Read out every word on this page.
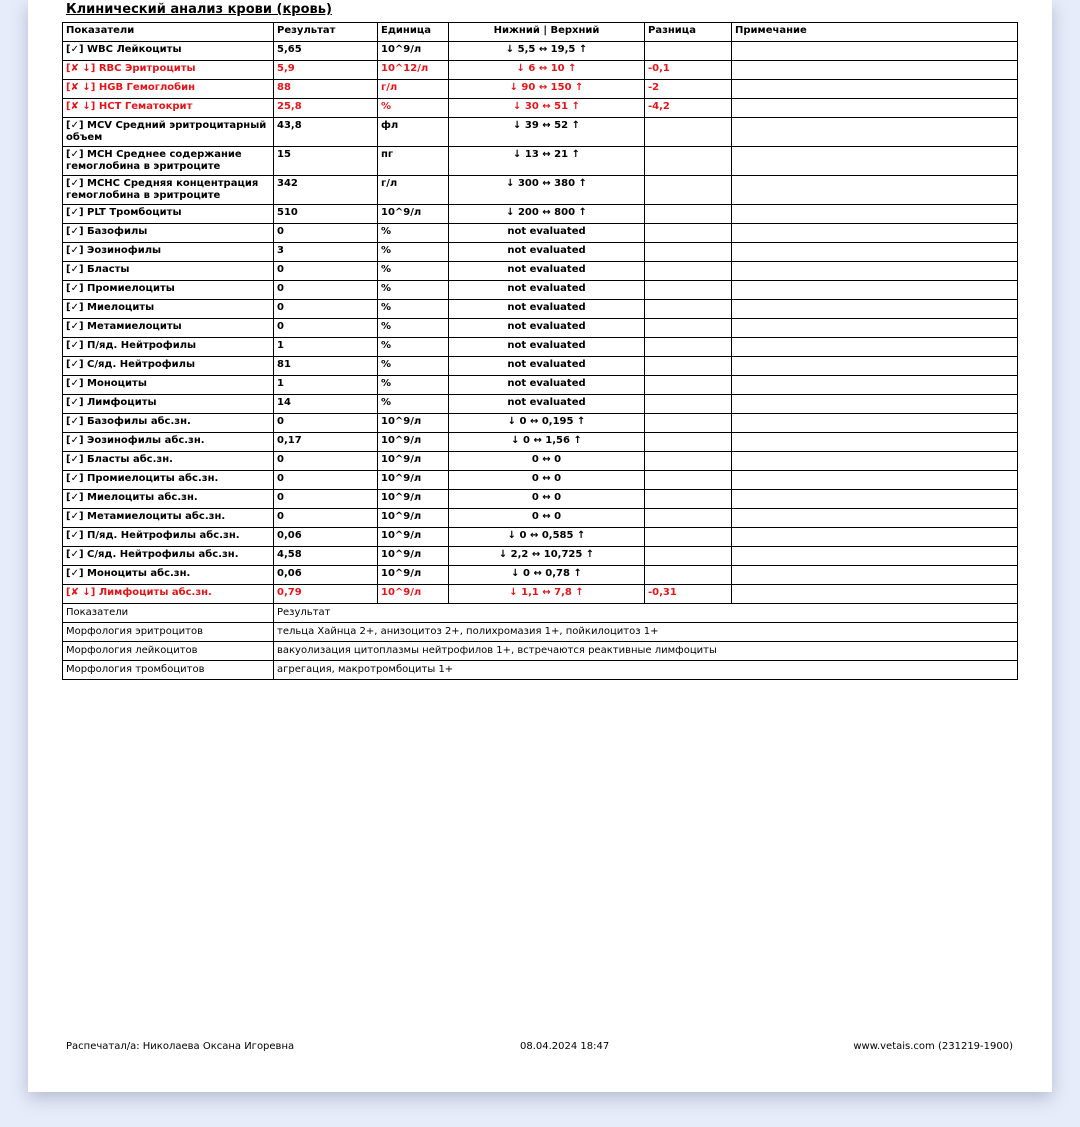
Клинический анализ крови (кровь)
Показатели	Результат	Единица	Нижний | Верхний	Разница	Примечание
[✓] WBC Лейкоциты	5,65	10^9/л	↓ 5,5 ↔ 19,5 ↑		
[✘ ↓] RBC Эритроциты	5,9	10^12/л	↓ 6 ↔ 10 ↑	-0,1	
[✘ ↓] HGB Гемоглобин	88	г/л	↓ 90 ↔ 150 ↑	-2	
[✘ ↓] HCT Гематокрит	25,8	%	↓ 30 ↔ 51 ↑	-4,2	
[✓] MCV Средний эритроцитарный объем	43,8	фл	↓ 39 ↔ 52 ↑		
[✓] MCH Среднее содержание гемоглобина в эритроците	15	пг	↓ 13 ↔ 21 ↑		
[✓] MCHC Средняя концентрация гемоглобина в эритроците	342	г/л	↓ 300 ↔ 380 ↑		
[✓] PLT Тромбоциты	510	10^9/л	↓ 200 ↔ 800 ↑		
[✓] Базофилы	0	%	not evaluated		
[✓] Эозинофилы	3	%	not evaluated		
[✓] Бласты	0	%	not evaluated		
[✓] Промиелоциты	0	%	not evaluated		
[✓] Миелоциты	0	%	not evaluated		
[✓] Метамиелоциты	0	%	not evaluated		
[✓] П/яд. Нейтрофилы	1	%	not evaluated		
[✓] С/яд. Нейтрофилы	81	%	not evaluated		
[✓] Моноциты	1	%	not evaluated		
[✓] Лимфоциты	14	%	not evaluated		
[✓] Базофилы абс.зн.	0	10^9/л	↓ 0 ↔ 0,195 ↑		
[✓] Эозинофилы абс.зн.	0,17	10^9/л	↓ 0 ↔ 1,56 ↑		
[✓] Бласты абс.зн.	0	10^9/л	0 ↔ 0		
[✓] Промиелоциты абс.зн.	0	10^9/л	0 ↔ 0		
[✓] Миелоциты абс.зн.	0	10^9/л	0 ↔ 0		
[✓] Метамиелоциты абс.зн.	0	10^9/л	0 ↔ 0		
[✓] П/яд. Нейтрофилы абс.зн.	0,06	10^9/л	↓ 0 ↔ 0,585 ↑		
[✓] С/яд. Нейтрофилы абс.зн.	4,58	10^9/л	↓ 2,2 ↔ 10,725 ↑		
[✓] Моноциты абс.зн.	0,06	10^9/л	↓ 0 ↔ 0,78 ↑		
[✘ ↓] Лимфоциты абс.зн.	0,79	10^9/л	↓ 1,1 ↔ 7,8 ↑	-0,31	
Показатели	Результат
Морфология эритроцитов	тельца Хайнца 2+, анизоцитоз 2+, полихромазия 1+, пойкилоцитоз 1+
Морфология лейкоцитов	вакуолизация цитоплазмы нейтрофилов 1+, встречаются реактивные лимфоциты
Морфология тромбоцитов	агрегация, макротромбоциты 1+
Распечатал/а: Николаева Оксана Игоревна	08.04.2024 18:47	www.vetais.com (231219-1900)
